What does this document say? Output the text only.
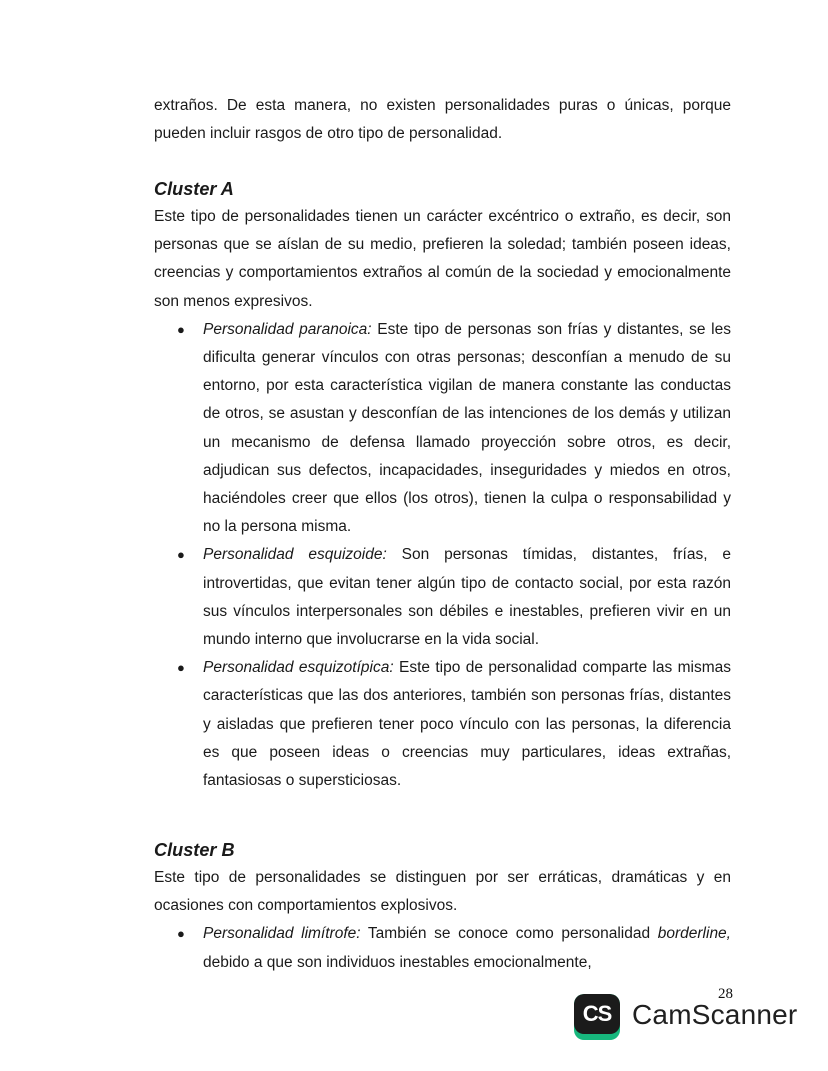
extraños. De esta manera, no existen personalidades puras o únicas, porque pueden incluir rasgos de otro tipo de personalidad.

Cluster A

Este tipo de personalidades tienen un carácter excéntrico o extraño, es decir, son personas que se aíslan de su medio, prefieren la soledad; también poseen ideas, creencias y comportamientos extraños al común de la sociedad y emocionalmente son menos expresivos.

● Personalidad paranoica: Este tipo de personas son frías y distantes, se les dificulta generar vínculos con otras personas; desconfían a menudo de su entorno, por esta característica vigilan de manera constante las conductas de otros, se asustan y desconfían de las intenciones de los demás y utilizan un mecanismo de defensa llamado proyección sobre otros, es decir, adjudican sus defectos, incapacidades, inseguridades y miedos en otros, haciéndoles creer que ellos (los otros), tienen la culpa o responsabilidad y no la persona misma.
● Personalidad esquizoide: Son personas tímidas, distantes, frías, e introvertidas, que evitan tener algún tipo de contacto social, por esta razón sus vínculos interpersonales son débiles e inestables, prefieren vivir en un mundo interno que involucrarse en la vida social.
● Personalidad esquizotípica: Este tipo de personalidad comparte las mismas características que las dos anteriores, también son personas frías, distantes y aisladas que prefieren tener poco vínculo con las personas, la diferencia es que poseen ideas o creencias muy particulares, ideas extrañas, fantasiosas o supersticiosas.
Cluster B

Este tipo de personalidades se distinguen por ser erráticas, dramáticas y en ocasiones con comportamientos explosivos.

● Personalidad limítrofe: También se conoce como personalidad borderline, debido a que son individuos inestables emocionalmente,
28
CS CamScanner
